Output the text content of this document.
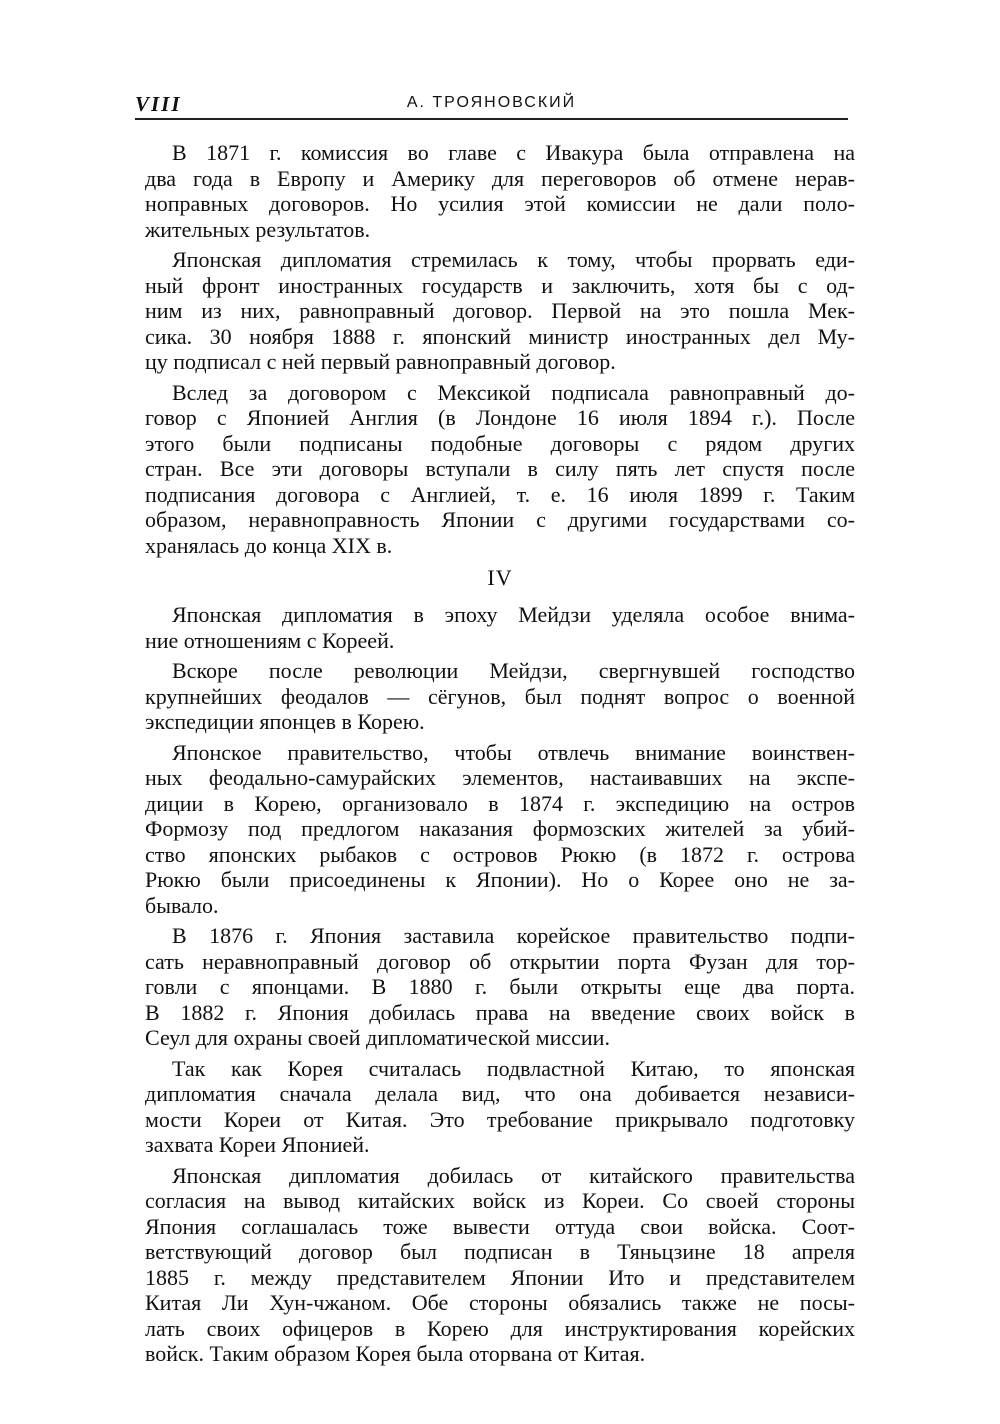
VIII	А. ТРОЯНОВСКИЙ
В 1871 г. комиссия во главе с Ивакура была отправлена на
два года в Европу и Америку для переговоров об отмене нерав-
ноправных договоров. Но усилия этой комиссии не дали поло-
жительных результатов.
Японская дипломатия стремилась к тому, чтобы прорвать еди-
ный фронт иностранных государств и заключить, хотя бы с од-
ним из них, равноправный договор. Первой на это пошла Мек-
сика. 30 ноября 1888 г. японский министр иностранных дел Му-
цу подписал с ней первый равноправный договор.
Вслед за договором с Мексикой подписала равноправный до-
говор с Японией Англия (в Лондоне 16 июля 1894 г.). После
этого были подписаны подобные договоры с рядом других
стран. Все эти договоры вступали в силу пять лет спустя после
подписания договора с Англией, т. е. 16 июля 1899 г. Таким
образом, неравноправность Японии с другими государствами со-
хранялась до конца XIX в.
IV
Японская дипломатия в эпоху Мейдзи уделяла особое внима-
ние отношениям с Кореей.
Вскоре после революции Мейдзи, свергнувшей господство
крупнейших феодалов — сёгунов, был поднят вопрос о военной
экспедиции японцев в Корею.
Японское правительство, чтобы отвлечь внимание воинствен-
ных феодально-самурайских элементов, настаивавших на экспе-
диции в Корею, организовало в 1874 г. экспедицию на остров
Формозу под предлогом наказания формозских жителей за убий-
ство японских рыбаков с островов Рюкю (в 1872 г. острова
Рюкю были присоединены к Японии). Но о Корее оно не за-
бывало.
В 1876 г. Япония заставила корейское правительство подпи-
сать неравноправный договор об открытии порта Фузан для тор-
говли с японцами. В 1880 г. были открыты еще два порта.
В 1882 г. Япония добилась права на введение своих войск в
Сеул для охраны своей дипломатической миссии.
Так как Корея считалась подвластной Китаю, то японская
дипломатия сначала делала вид, что она добивается независи-
мости Кореи от Китая. Это требование прикрывало подготовку
захвата Кореи Японией.
Японская дипломатия добилась от китайского правительства
согласия на вывод китайских войск из Кореи. Со своей стороны
Япония соглашалась тоже вывести оттуда свои войска. Соот-
ветствующий договор был подписан в Тяньцзине 18 апреля
1885 г. между представителем Японии Ито и представителем
Китая Ли Хун-чжаном. Обе стороны обязались также не посы-
лать своих офицеров в Корею для инструктирования корейских
войск. Таким образом Корея была оторвана от Китая.
